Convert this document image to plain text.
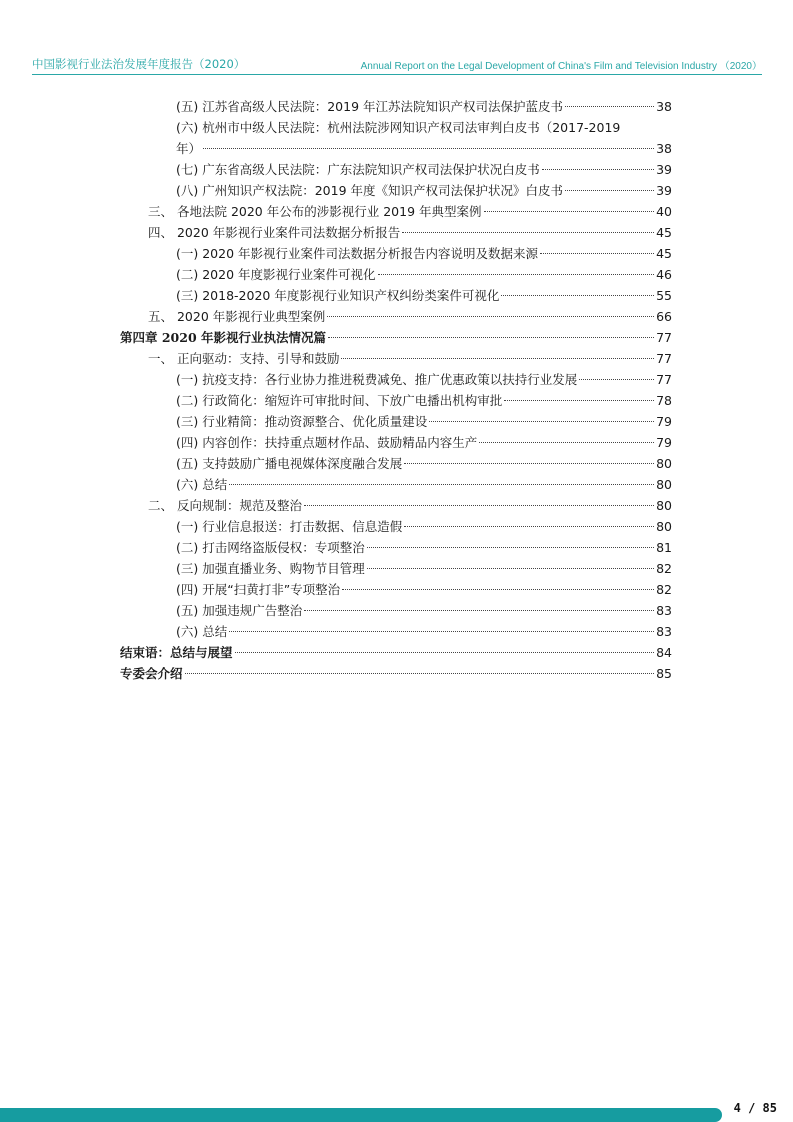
中国影视行业法治发展年度报告（2020）	Annual Report on the Legal Development of China's Film and Television Industry （2020）
(五) 江苏省高级人民法院：2019 年江苏法院知识产权司法保护蓝皮书	38
(六) 杭州市中级人民法院：杭州法院涉网知识产权司法审判白皮书（2017-2019
年）	38
(七) 广东省高级人民法院：广东法院知识产权司法保护状况白皮书	39
(八) 广州知识产权法院：2019 年度《知识产权司法保护状况》白皮书	39
三、 各地法院 2020 年公布的涉影视行业 2019 年典型案例	40
四、 2020 年影视行业案件司法数据分析报告	45
(一) 2020 年影视行业案件司法数据分析报告内容说明及数据来源	45
(二) 2020 年度影视行业案件可视化	46
(三) 2018-2020 年度影视行业知识产权纠纷类案件可视化	55
五、 2020 年影视行业典型案例	66
第四章 2020 年影视行业执法情况篇	77
一、 正向驱动：支持、引导和鼓励	77
(一) 抗疫支持：各行业协力推进税费减免、推广优惠政策以扶持行业发展	77
(二) 行政简化：缩短许可审批时间、下放广电播出机构审批	78
(三) 行业精简：推动资源整合、优化质量建设	79
(四) 内容创作：扶持重点题材作品、鼓励精品内容生产	79
(五) 支持鼓励广播电视媒体深度融合发展	80
(六) 总结	80
二、 反向规制：规范及整治	80
(一) 行业信息报送：打击数据、信息造假	80
(二) 打击网络盗版侵权：专项整治	81
(三) 加强直播业务、购物节目管理	82
(四) 开展“扫黄打非”专项整治	82
(五) 加强违规广告整治	83
(六) 总结	83
结束语：总结与展望	84
专委会介绍	85
4 / 85
